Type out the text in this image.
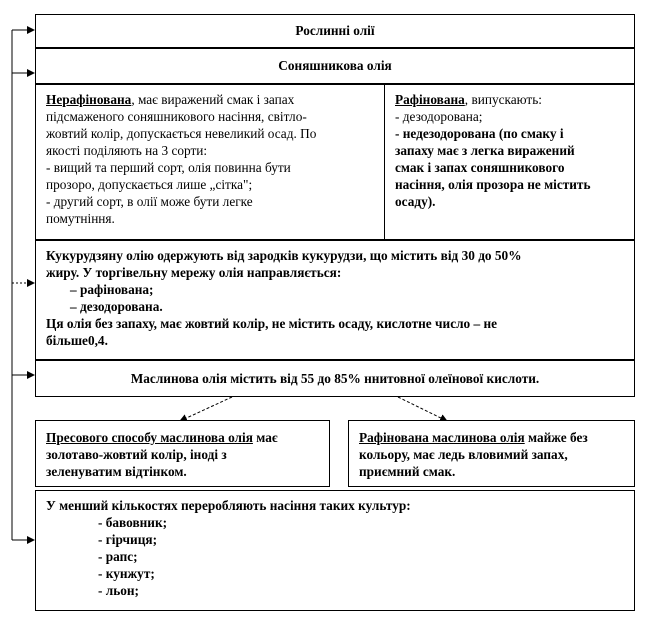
Рослинні олії
Соняшникова олія
Нерафінована, має виражений смак і запах
підсмаженого соняшникового насіння, світло-
жовтий колір, допускається невеликий осад. По
якості поділяють на 3 сорти:
- вищий та перший сорт, олія повинна бути
прозоро, допускається лише „сітка";
- другий сорт, в олії може бути легке
помутніння.
Рафінована, випускають:
- дезодорована;
- недезодорована (по смаку і
запаху має з легка виражений
смак і запах соняшникового
насіння, олія прозора не містить
осаду).
Кукурудзяну олію одержують від зародків кукурудзи, що містить від 30 до 50%
жиру. У торгівельну мережу олія направляється:
– рафінована;
– дезодорована.
Ця олія без запаху, має жовтий колір, не містить осаду, кислотне число – не
більше0,4.
Маслинова олія містить від 55 до 85% ннитовної олеїнової кислоти.
Пресового способу маслинова олія має
золотаво-жовтий колір, іноді з
зеленуватим відтінком.
Рафінована маслинова олія майже без
кольору, має ледь вловимий запах,
приємний смак.
У менший кількостях переробляють насіння таких культур:
- бавовник;
- гірчиця;
- рапс;
- кунжут;
- льон;
